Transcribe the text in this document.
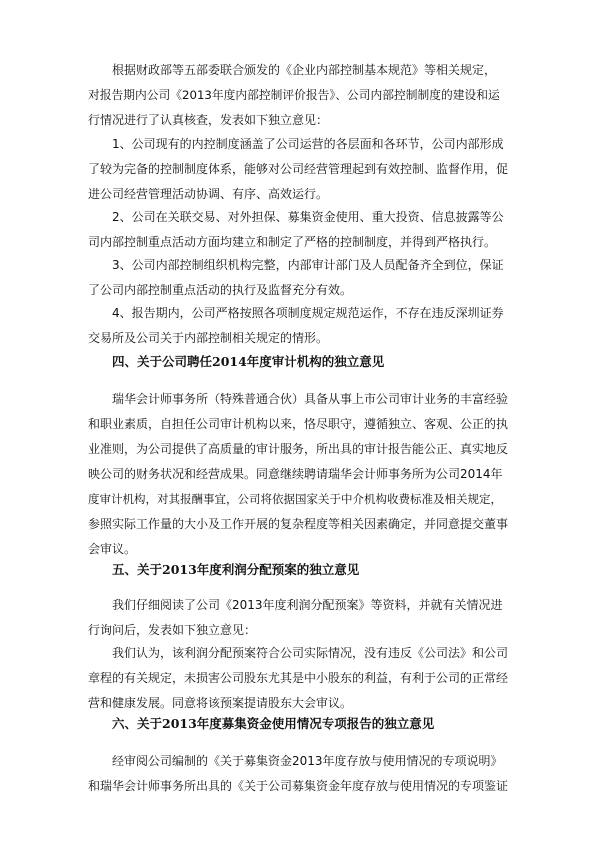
根据财政部等五部委联合颁发的《企业内部控制基本规范》等相关规定，
对报告期内公司《2013年度内部控制评价报告》、公司内部控制制度的建设和运
行情况进行了认真核查，发表如下独立意见：

1、公司现有的内控制度涵盖了公司运营的各层面和各环节，公司内部形成
了较为完备的控制制度体系，能够对公司经营管理起到有效控制、监督作用，促
进公司经营管理活动协调、有序、高效运行。

2、公司在关联交易、对外担保、募集资金使用、重大投资、信息披露等公
司内部控制重点活动方面均建立和制定了严格的控制制度，并得到严格执行。

3、公司内部控制组织机构完整，内部审计部门及人员配备齐全到位，保证
了公司内部控制重点活动的执行及监督充分有效。

4、报告期内，公司严格按照各项制度规定规范运作，不存在违反深圳证券
交易所及公司关于内部控制相关规定的情形。

四、关于公司聘任2014年度审计机构的独立意见

瑞华会计师事务所（特殊普通合伙）具备从事上市公司审计业务的丰富经验
和职业素质，自担任公司审计机构以来，恪尽职守，遵循独立、客观、公正的执
业准则，为公司提供了高质量的审计服务，所出具的审计报告能公正、真实地反
映公司的财务状况和经营成果。同意继续聘请瑞华会计师事务所为公司2014年
度审计机构，对其报酬事宜，公司将依据国家关于中介机构收费标准及相关规定，
参照实际工作量的大小及工作开展的复杂程度等相关因素确定，并同意提交董事
会审议。

五、关于2013年度利润分配预案的独立意见

我们仔细阅读了公司《2013年度利润分配预案》等资料，并就有关情况进
行询问后，发表如下独立意见：

我们认为，该利润分配预案符合公司实际情况，没有违反《公司法》和公司
章程的有关规定，未损害公司股东尤其是中小股东的利益，有利于公司的正常经
营和健康发展。同意将该预案提请股东大会审议。

六、关于2013年度募集资金使用情况专项报告的独立意见

经审阅公司编制的《关于募集资金2013年度存放与使用情况的专项说明》
和瑞华会计师事务所出具的《关于公司募集资金年度存放与使用情况的专项鉴证
